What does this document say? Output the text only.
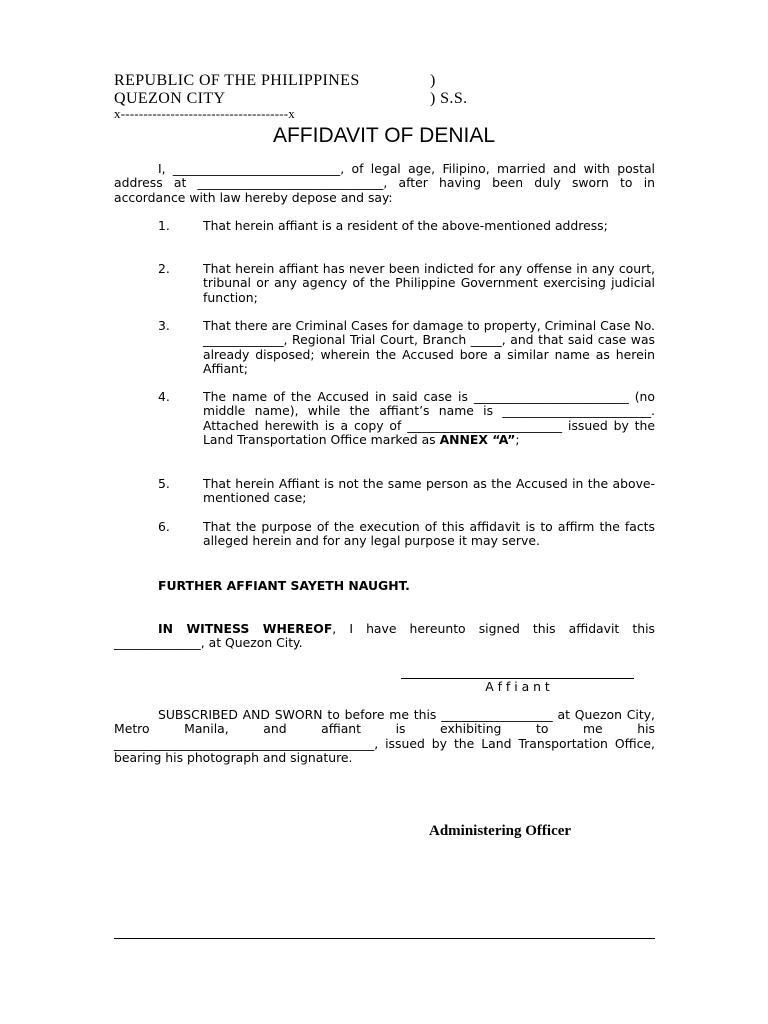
REPUBLIC OF THE PHILIPPINES	)
QUEZON CITY	) S.S.
x-------------------------------------x
AFFIDAVIT OF DENIAL
I, ___________________________, of legal age, Filipino, married and with postal address at ______________________________, after having been duly sworn to in accordance with law hereby depose and say:
1.	That herein affiant is a resident of the above-mentioned address;
2.	That herein affiant has never been indicted for any offense in any court, tribunal or any agency of the Philippine Government exercising judicial function;
3.	That there are Criminal Cases for damage to property, Criminal Case No. _____________, Regional Trial Court, Branch _____, and that said case was already disposed; wherein the Accused bore a similar name as herein Affiant;
4.	The name of the Accused in said case is _________________________ (no middle name), while the affiant’s name is ________________________. Attached herewith is a copy of _________________________ issued by the Land Transportation Office marked as ANNEX “A”;
5.	That herein Affiant is not the same person as the Accused in the above-mentioned case;
6.	That the purpose of the execution of this affidavit is to affirm the facts alleged herein and for any legal purpose it may serve.
FURTHER AFFIANT SAYETH NAUGHT.
IN WITNESS WHEREOF, I have hereunto signed this affidavit this ______________, at Quezon City.
A f f i a n t
SUBSCRIBED AND SWORN to before me this __________________ at Quezon City, Metro Manila, and affiant is exhibiting to me his __________________________________________, issued by the Land Transportation Office, bearing his photograph and signature.
Administering Officer
